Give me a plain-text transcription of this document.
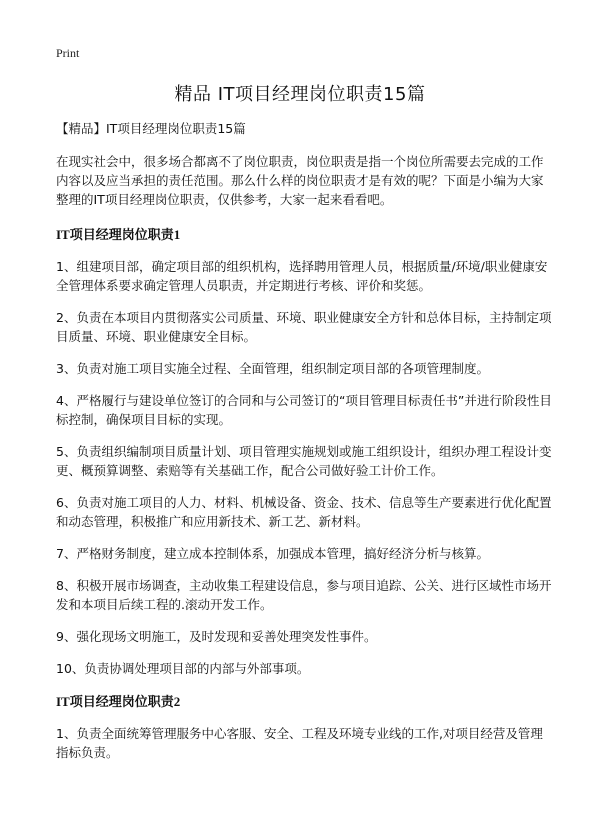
Print
精品 IT项目经理岗位职责15篇

【精品】IT项目经理岗位职责15篇

在现实社会中，很多场合都离不了岗位职责，岗位职责是指一个岗位所需要去完成的工作内容以及应当承担的责任范围。那么什么样的岗位职责才是有效的呢？下面是小编为大家整理的IT项目经理岗位职责，仅供参考，大家一起来看看吧。

IT项目经理岗位职责1

1、组建项目部，确定项目部的组织机构，选择聘用管理人员，根据质量/环境/职业健康安全管理体系要求确定管理人员职责，并定期进行考核、评价和奖惩。

2、负责在本项目内贯彻落实公司质量、环境、职业健康安全方针和总体目标，主持制定项目质量、环境、职业健康安全目标。

3、负责对施工项目实施全过程、全面管理，组织制定项目部的各项管理制度。

4、严格履行与建设单位签订的合同和与公司签订的“项目管理目标责任书”并进行阶段性目标控制，确保项目目标的实现。

5、负责组织编制项目质量计划、项目管理实施规划或施工组织设计，组织办理工程设计变更、概预算调整、索赔等有关基础工作，配合公司做好验工计价工作。

6、负责对施工项目的人力、材料、机械设备、资金、技术、信息等生产要素进行优化配置和动态管理，积极推广和应用新技术、新工艺、新材料。

7、严格财务制度，建立成本控制体系，加强成本管理，搞好经济分析与核算。

8、积极开展市场调查，主动收集工程建设信息，参与项目追踪、公关、进行区域性市场开发和本项目后续工程的.滚动开发工作。

9、强化现场文明施工，及时发现和妥善处理突发性事件。

10、负责协调处理项目部的内部与外部事项。

IT项目经理岗位职责2

1、负责全面统筹管理服务中心客服、安全、工程及环境专业线的工作,对项目经营及管理指标负责。
